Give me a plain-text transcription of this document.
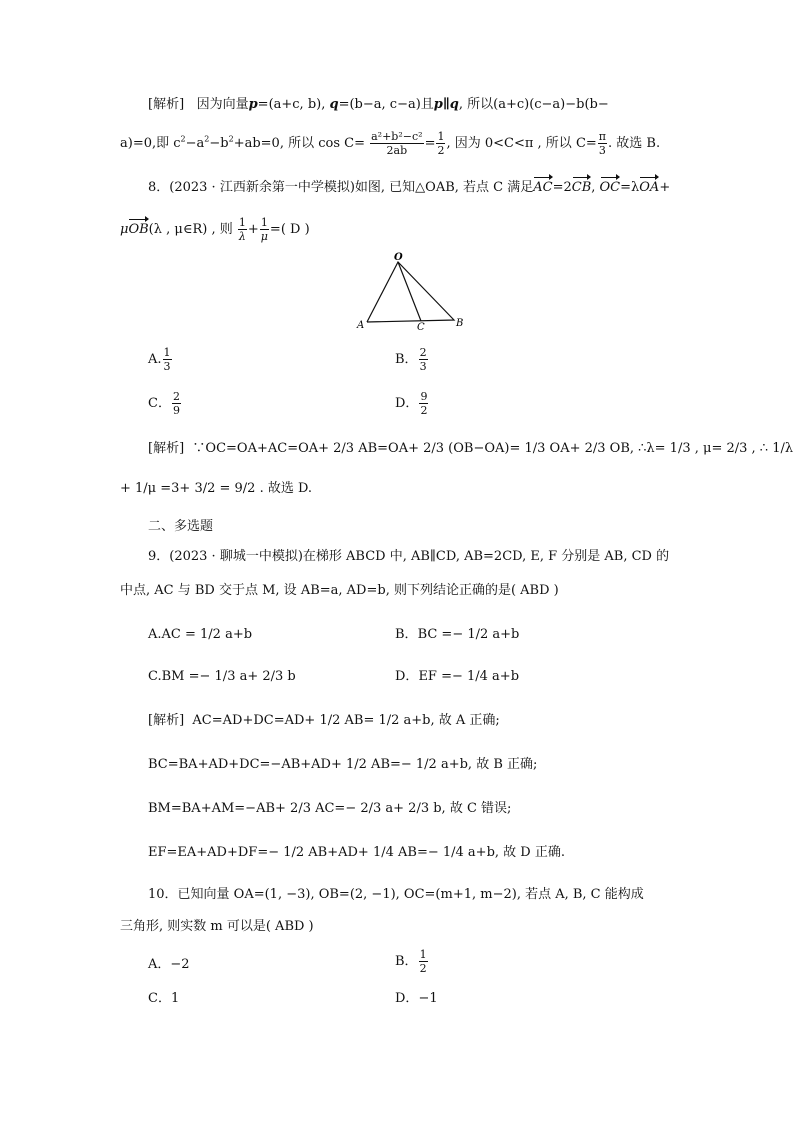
[解析] 因为向量p=(a+c, b), q=(b−a, c−a)且p∥q, 所以(a+c)(c−a)−b(b−
a)=0,即 $c^2-a^2-b^2+ab=0$, 所以 $\cos C= \frac{\text{a²+b²−c²}}{2ab} = \frac{1}{2}$ , 因为 0<C<π , 所以 $C= \frac{\pi}{3}$ . 故选 B.
8．(2023 · 江西新余第一中学模拟)如图, 已知△OAB, 若点 C 满足AC=2CB, OC=λOA+
μOB(λ , μ∈R) , 则 $\frac{1}{\lambda} + \frac{1}{\mu}$ =( D )
O
A	C	B
A. $\frac{1}{3}$	B． $\frac{2}{3}$
C． $\frac{2}{9}$	D． $\frac{9}{2}$
[解析] ∵OC=OA+AC=OA+ 2/3 AB=OA+ 2/3 (OB−OA)= 1/3 OA+ 2/3 OB, ∴λ= 1/3 , μ= 2/3 , ∴ 1/λ
+ 1/μ =3+ 3/2 = 9/2 . 故选 D.
二、多选题
9．(2023 · 聊城一中模拟)在梯形 ABCD 中, AB∥CD, AB=2CD, E, F 分别是 AB, CD 的
中点, AC 与 BD 交于点 M, 设 AB=a, AD=b, 则下列结论正确的是( ABD )
A.AC = 1/2 a+b	B．BC =− 1/2 a+b
C.BM =− 1/3 a+ 2/3 b	D．EF =− 1/4 a+b
[解析] AC=AD+DC=AD+ 1/2 AB= 1/2 a+b, 故 A 正确;
BC=BA+AD+DC=−AB+AD+ 1/2 AB=− 1/2 a+b, 故 B 正确;
BM=BA+AM=−AB+ 2/3 AC=− 2/3 a+ 2/3 b, 故 C 错误;
EF=EA+AD+DF=− 1/2 AB+AD+ 1/4 AB=− 1/4 a+b, 故 D 正确.
10．已知向量 OA=(1, −3), OB=(2, −1), OC=(m+1, m−2), 若点 A, B, C 能构成
三角形, 则实数 m 可以是( ABD )
A．−2	B． $\frac{1}{2}$
C．1	D．−1
